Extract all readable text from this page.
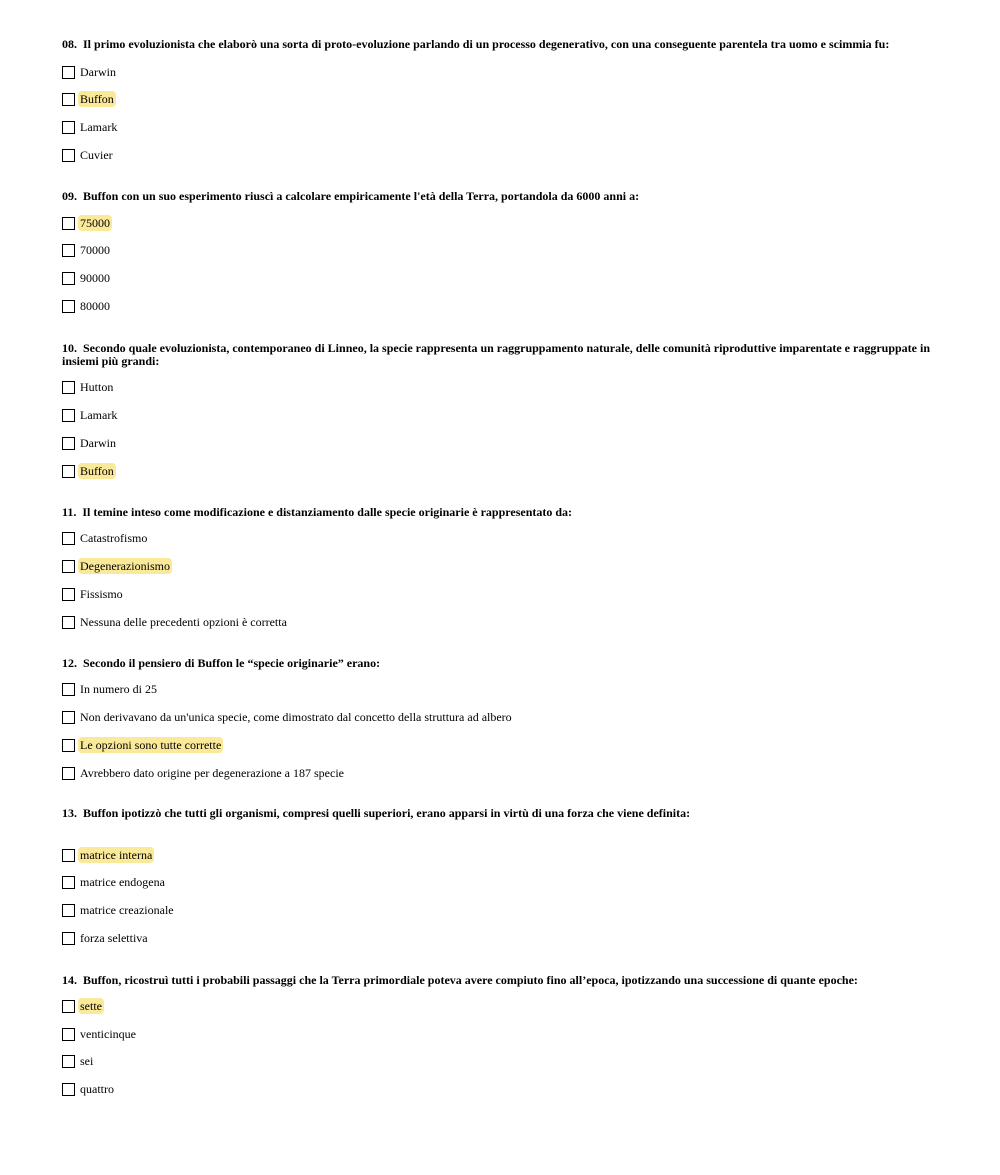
08. Il primo evoluzionista che elaborò una sorta di proto-evoluzione parlando di un processo degenerativo, con una conseguente parentela tra uomo e scimmia fu:

Darwin
Buffon
Lamark
Cuvier

09. Buffon con un suo esperimento riuscì a calcolare empiricamente l'età della Terra, portandola da 6000 anni a:

75000
70000
90000
80000

10. Secondo quale evoluzionista, contemporaneo di Linneo, la specie rappresenta un raggruppamento naturale, delle comunità riproduttive imparentate e raggruppate in insiemi più grandi:

Hutton
Lamark
Darwin
Buffon

11. Il temine inteso come modificazione e distanziamento dalle specie originarie è rappresentato da:

Catastrofismo
Degenerazionismo
Fissismo
Nessuna delle precedenti opzioni è corretta

12. Secondo il pensiero di Buffon le “specie originarie” erano:

In numero di 25
Non derivavano da un'unica specie, come dimostrato dal concetto della struttura ad albero
Le opzioni sono tutte corrette
Avrebbero dato origine per degenerazione a 187 specie

13. Buffon ipotizzò che tutti gli organismi, compresi quelli superiori, erano apparsi in virtù di una forza che viene definita:

matrice interna
matrice endogena
matrice creazionale
forza selettiva

14. Buffon, ricostruì tutti i probabili passaggi che la Terra primordiale poteva avere compiuto fino all’epoca, ipotizzando una successione di quante epoche:

sette
venticinque
sei
quattro
